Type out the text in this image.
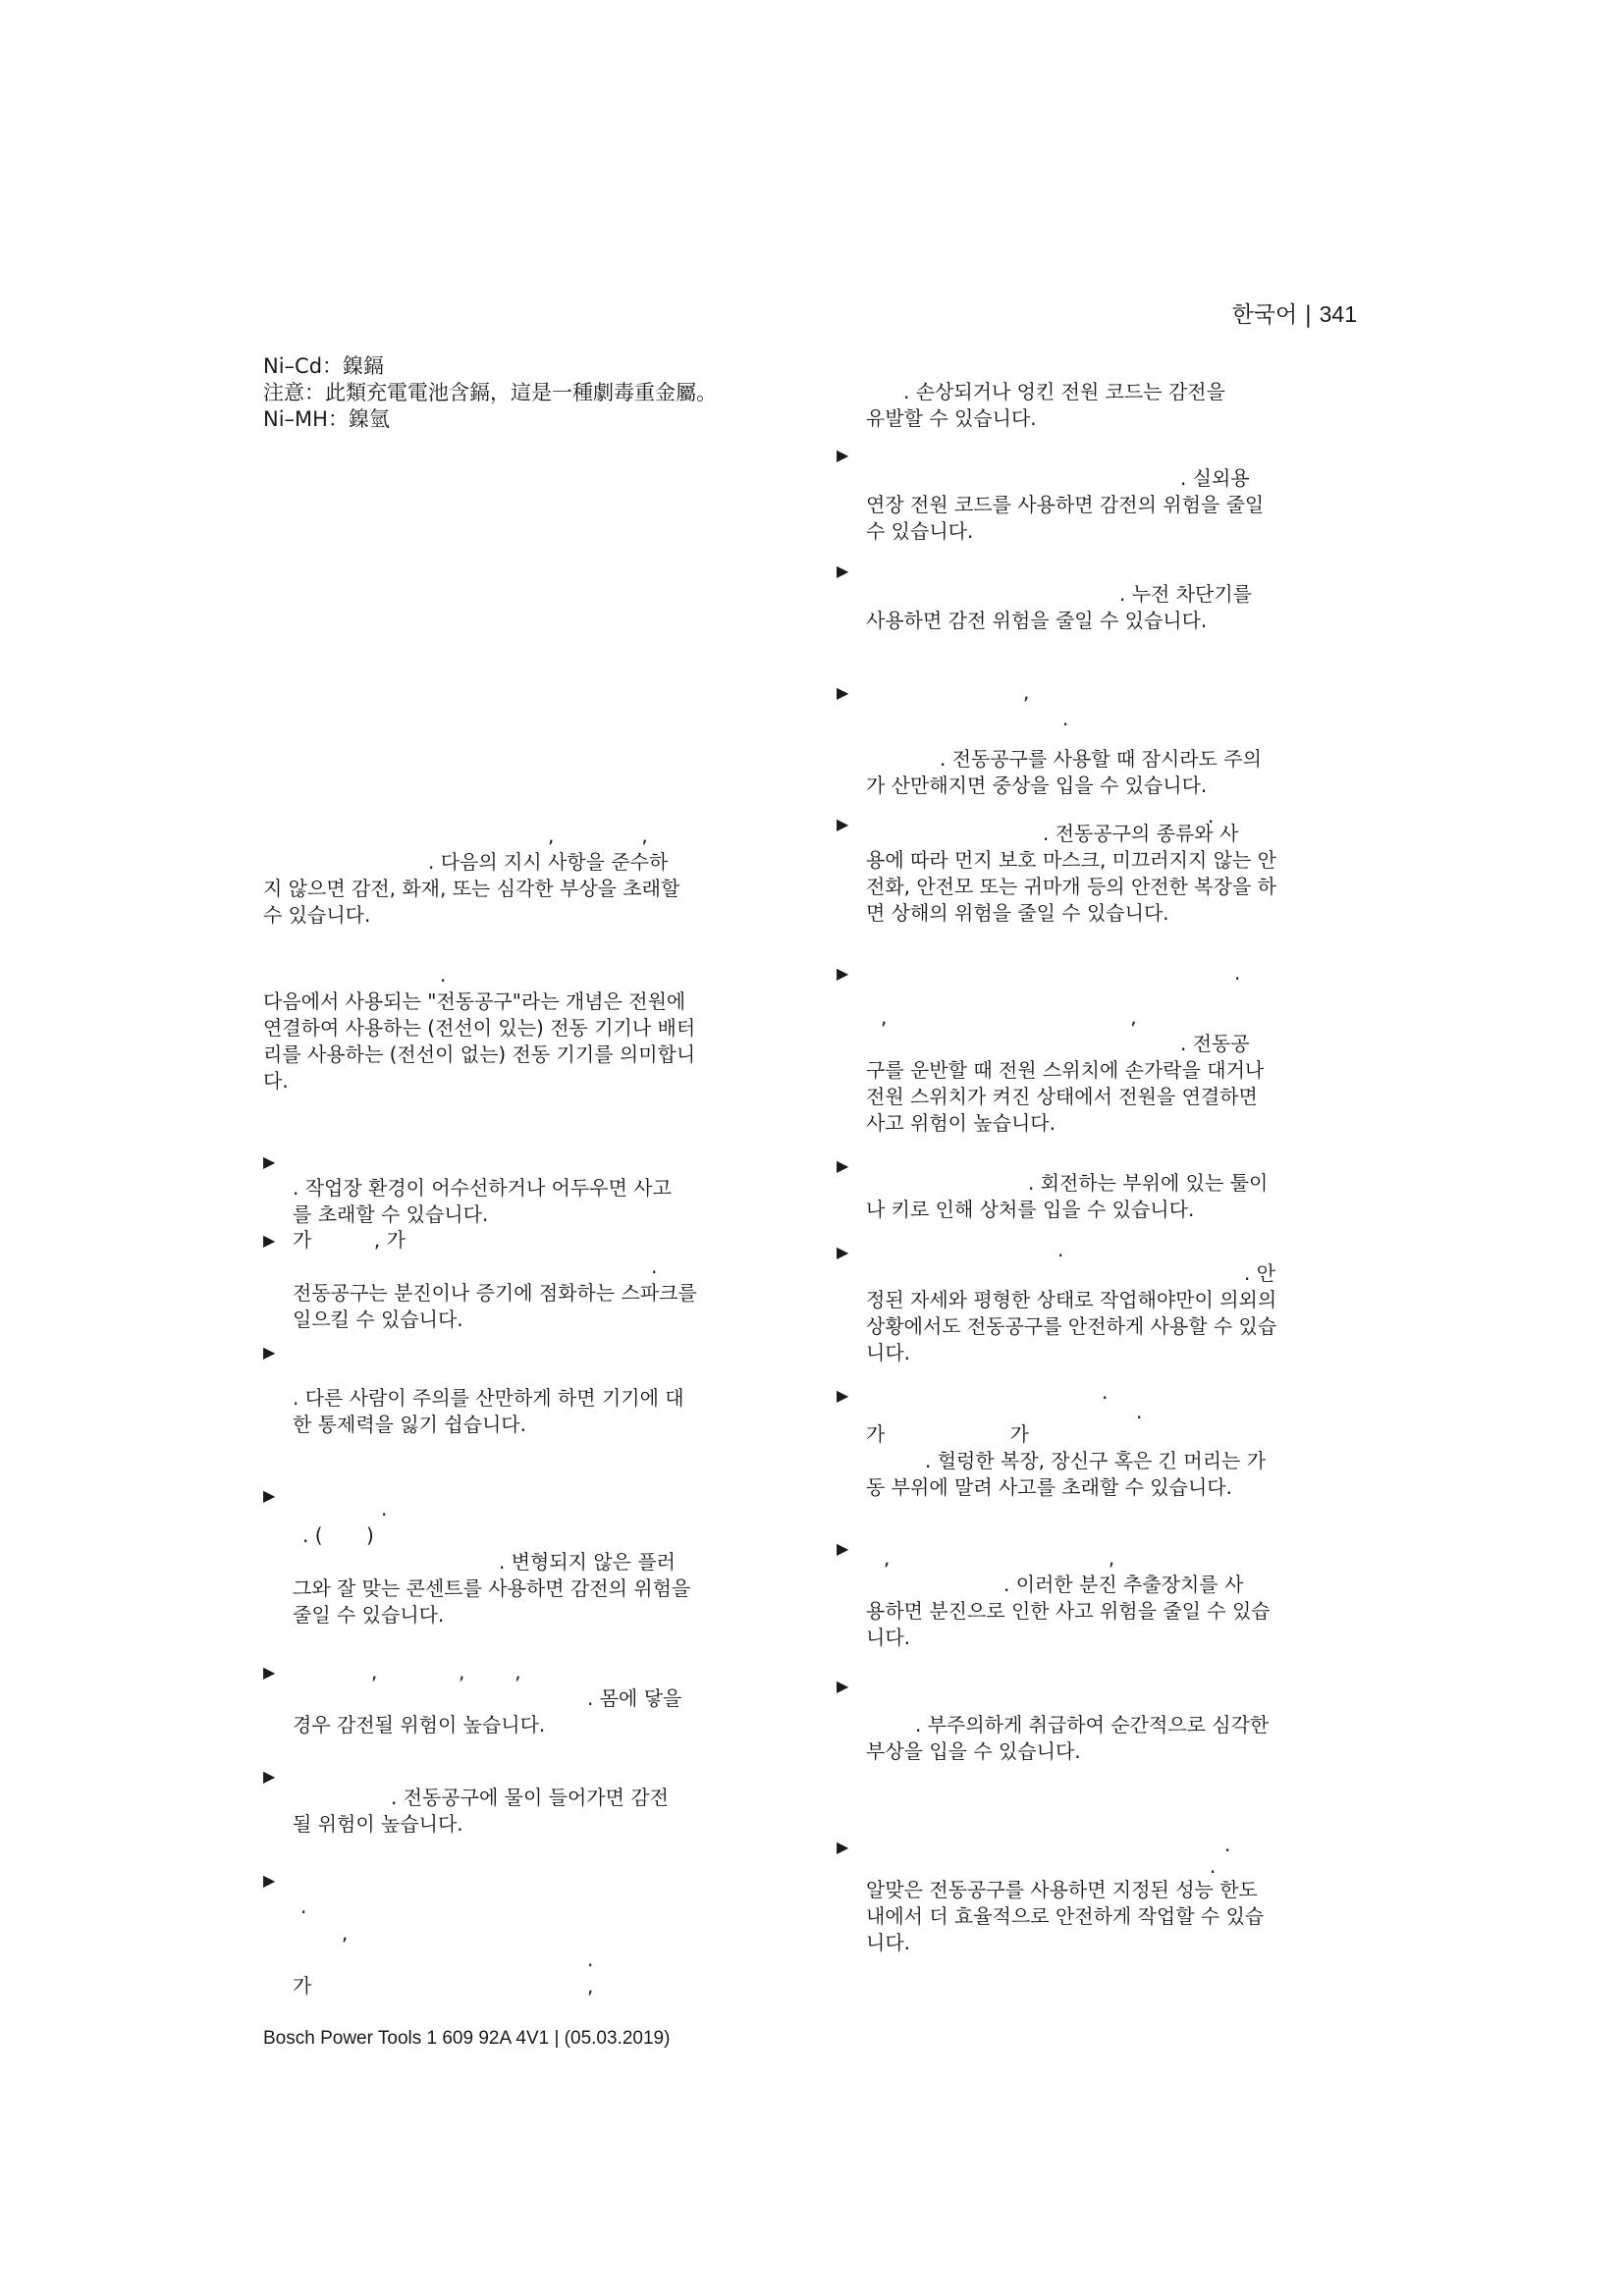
한국어 | 341

Ni–Cd：鎳鎘

注意：此類充電電池含鎘，這是一種劇毒重金屬。

Ni–MH：鎳氫

,              ,

. 다음의 지시 사항을 준수하

지 않으면 감전, 화재, 또는 심각한 부상을 초래할

수 있습니다.

.

다음에서 사용되는 "전동공구"라는 개념은 전원에

연결하여 사용하는 (전선이 있는) 전동 기기나 배터

리를 사용하는 (전선이 없는) 전동 기기를 의미합니

다.

▶

. 작업장 환경이 어수선하거나 어두우면 사고

를 초래할 수 있습니다.

▶ 가          , 가

.

전동공구는 분진이나 증기에 점화하는 스파크를

일으킬 수 있습니다.

▶

. 다른 사람이 주의를 산만하게 하면 기기에 대

한 통제력을 잃기 쉽습니다.

▶

.

. (       )

. 변형되지 않은 플러

그와 잘 맞는 콘센트를 사용하면 감전의 위험을

줄일 수 있습니다.

▶	,             ,        ,

. 몸에 닿을

경우 감전될 위험이 높습니다.

▶

. 전동공구에 물이 들어가면 감전

될 위험이 높습니다.

▶

.

,

.

가	,

. 손상되거나 엉킨 전원 코드는 감전을

유발할 수 있습니다.

▶

. 실외용

연장 전원 코드를 사용하면 감전의 위험을 줄일

수 있습니다.

▶

. 누전 차단기를

사용하면 감전 위험을 줄일 수 있습니다.

▶	,

.

. 전동공구를 사용할 때 잠시라도 주의

가 산만해지면 중상을 입을 수 있습니다.

▶	.

. 전동공구의 종류와 사

용에 따라 먼지 보호 마스크, 미끄러지지 않는 안

전화, 안전모 또는 귀마개 등의 안전한 복장을 하

면 상해의 위험을 줄일 수 있습니다.

▶	.

,                                       ,

. 전동공

구를 운반할 때 전원 스위치에 손가락을 대거나

전원 스위치가 켜진 상태에서 전원을 연결하면

사고 위험이 높습니다.

▶

. 회전하는 부위에 있는 툴이

나 키로 인해 상처를 입을 수 있습니다.

▶	.

. 안

정된 자세와 평형한 상태로 작업해야만이 의외의

상황에서도 전동공구를 안전하게 사용할 수 있습

니다.

▶	.

.

가                    가

. 헐렁한 복장, 장신구 혹은 긴 머리는 가

동 부위에 말려 사고를 초래할 수 있습니다.

▶	,                                   ,

. 이러한 분진 추출장치를 사

용하면 분진으로 인한 사고 위험을 줄일 수 있습

니다.

▶

. 부주의하게 취급하여 순간적으로 심각한

부상을 입을 수 있습니다.

▶	.

.

알맞은 전동공구를 사용하면 지정된 성능 한도

내에서 더 효율적으로 안전하게 작업할 수 있습

니다.

Bosch Power Tools 1 609 92A 4V1 | (05.03.2019)
